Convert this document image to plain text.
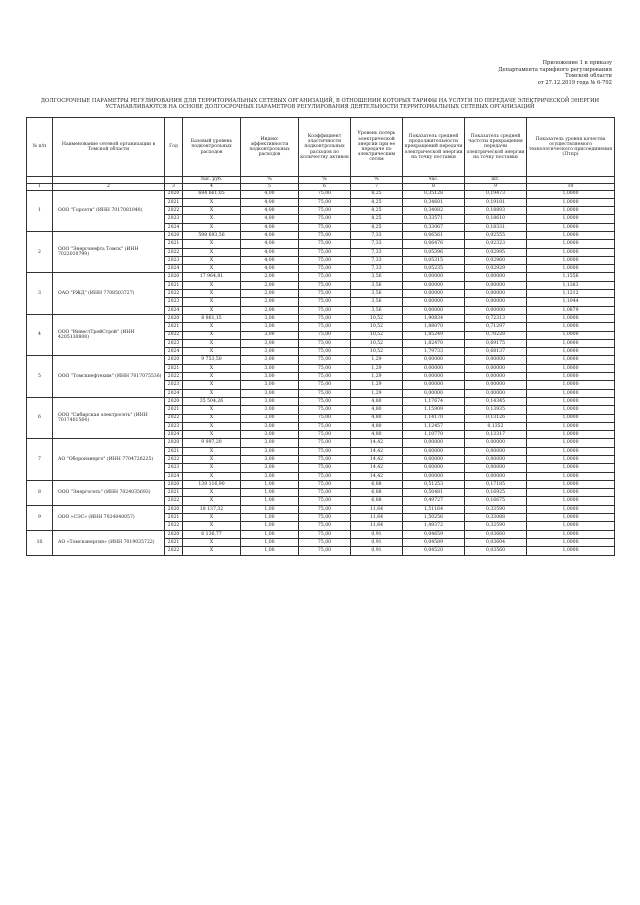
Приложение 1 к приказу
Департамента тарифного регулирования
Томской области
от 27.12.2019 года № 6-792
ДОЛГОСРОЧНЫЕ ПАРАМЕТРЫ РЕГУЛИРОВАНИЯ ДЛЯ ТЕРРИТОРИАЛЬНЫХ СЕТЕВЫХ ОРГАНИЗАЦИЙ, В ОТНОШЕНИИ КОТОРЫХ ТАРИФЫ НА УСЛУГИ ПО ПЕРЕДАЧЕ ЭЛЕКТРИЧЕСКОЙ ЭНЕРГИИ
УСТАНАВЛИВАЮТСЯ НА ОСНОВЕ ДОЛГОСРОЧНЫХ ПАРАМЕТРОВ РЕГУЛИРОВАНИЯ ДЕЯТЕЛЬНОСТИ ТЕРРИТОРИАЛЬНЫХ СЕТЕВЫХ ОРГАНИЗАЦИЙ
№ п/п	Наименование сетевой организации в Томской области	Год	Базовый уровень подконтрольных расходов	Индекс эффективности подконтрольных расходов	Коэффициент эластичности подконтрольных расходов по количеству активов	Уровень потерь электрической энергии при ее передаче по электрическим сетям	Показатель средней продолжительности прекращений передачи электрической энергии на точку поставки	Показатель средней частоты прекращения передачи электрической энергии на точку поставки	Показатель уровня качества осуществляемого технологического присоединения (Птпр)
			тыс. руб.	%	%	%	час.	шт.	
1	2	3	4	5	6	7	8	9	10
1	ООО "Горсети" (ИНН 7017081040)	2020	684 661,05	4,00	75,00	8,25	0,35128	0,19473	1,0000
		2021	X	4,00	75,00	8,25	0,34601	0,19181	1,0000
		2022	X	4,00	75,00	8,25	0,34082	0,18893	1,0000
		2023	X	4,00	75,00	8,25	0,33571	0,18610	1,0000
		2024	X	4,00	75,00	8,25	0,33067	0,18331	1,0000
2	ООО "Энергонефть Томск" (ИНН 7022010799)	2020	598 693,56	4,00	75,00	7,33	0,06561	0,02555	1,0000
		2021	X	4,00	75,00	7,33	0,06476	0,02323	1,0000
		2022	X	4,00	75,00	7,33	0,05396	0,02995	1,0000
		2023	X	4,00	75,00	7,33	0,05315	0,02960	1,0000
		2024	X	4,00	75,00	7,33	0,05235	0,02929	1,0000
3	ОАО "РЖД" (ИНН 7708503727)	2020	17 964,81	2,00	75,00	3,56	0,00000	0,00000	1,1556
		2021	X	2,00	75,00	3,56	0,00000	0,00000	1,1383
		2022	X	2,00	75,00	3,56	0,00000	0,00000	1,1212
		2023	X	2,00	75,00	3,56	0,00000	0,00000	1,1044
		2024	X	2,00	75,00	3,56	0,00000	0,00000	1,0879
4	ООО "ИнвестТрейСтрой" (ИНН 4205130808)	2020	8 961,15	3,00	75,00	10,52	1,90834	0,72313	1,0000
		2021	X	3,00	75,00	10,52	1,88070	0,71297	1,0000
		2022	X	3,00	75,00	10,52	1,85249	0,70228	1,0000
		2023	X	3,00	75,00	10,52	1,82470	0,69175	1,0000
		2024	X	3,00	75,00	10,52	1,79733	0,68137	1,0000
5	ООО "Томскнефтехим" (ИНН 7017075536)	2020	9 753,50	3,00	75,00	1,29	0,00000	0,00000	1,0000
		2021	X	3,00	75,00	1,29	0,00000	0,00000	1,0000
		2022	X	3,00	75,00	1,29	0,00000	0,00000	1,0000
		2023	X	3,00	75,00	1,29	0,00000	0,00000	1,0000
		2024	X	3,00	75,00	1,29	0,00000	0,00000	1,0000
6	ООО "Сибирская электросеть" (ИНН 7017401564)	2020	35 504,26	3,00	75,00	4,80	1,17674	0,14345	1,0000
		2021	X	3,00	75,00	4,80	1,15909	0,13935	1,0000
		2022	X	3,00	75,00	4,80	1,14170	0,13126	1,0000
		2023	X	3,00	75,00	4,80	1,12457	0,1352	1,0000
		2024	X	3,00	75,00	4,80	1,10770	0,13317	1,0000
7	АО "Оборонэнерго" (ИНН 7704726225)	2020	9 997,20	3,00	75,00	14,42	0,00000	0,00000	1,0000
		2021	X	3,00	75,00	14,42	0,00000	0,00000	1,0000
		2022	X	3,00	75,00	14,42	0,00000	0,00000	1,0000
		2023	X	3,00	75,00	14,42	0,00000	0,00000	1,0000
		2024	X	3,00	75,00	14,42	0,00000	0,00000	1,0000
8	ООО "Энергосеть" (ИНН 7024035693)	2020	139 116,90	1,00	75,00	6,88	0,51253	0,17185	1,0000
		2021	X	1,00	75,00	6,88	0,50481	0,16925	1,0000
		2022	X	1,00	75,00	6,88	0,49727	0,16675	1,0000
9	ООО «СЭС» (ИНН 7024040057)	2020	18 137,32	1,00	75,00	11,64	1,51164	0,33590	1,0000
		2021	X	1,00	75,00	11,64	1,50256	0,33088	1,0000
		2022	X	1,00	75,00	11,64	1,49372	0,32590	1,0000
10	АО «Томскэнергия» (ИНН 7019035722)	2020	6 136,77	1,00	75,00	0,91	0,04659	0,03660	1,0000
		2021	X	1,00	75,00	0,91	0,04589	0,03604	1,0000
		2022	X	1,00	75,00	0,91	0,04520	0,03560	1,0000
